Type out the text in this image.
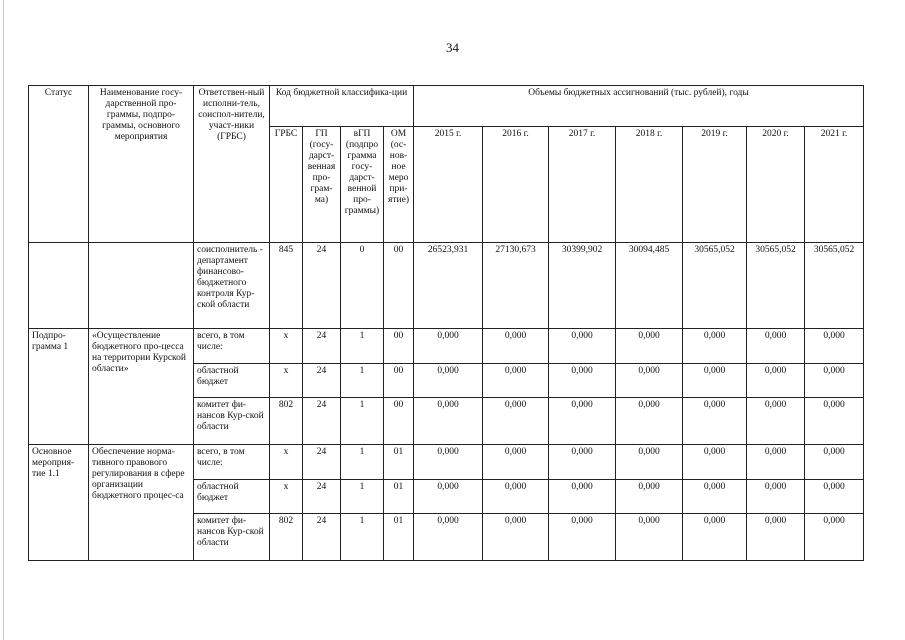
34
Статус	Наименование госу-дарственной про-граммы, подпро-граммы, основного мероприятия	Ответствен-ный исполни-тель, соиспол-нители, участ-ники (ГРБС)	Код бюджетной классифика-ции				Объемы бюджетных ассигнований (тыс. рублей), годы						
			ГРБС	ГП (госу-дарст-венная про-грам-ма)	вГП (подпро грамма госу-дарст-венной про-граммы)	ОМ (ос-нов-ное меро при-ятие)	2015 г.	2016 г.	2017 г.	2018 г.	2019 г.	2020 г.	2021 г.
		соисполнитель - департамент финансово-бюджетного контроля Кур-ской области	845	24	0	00	26523,931	27130,673	30399,902	30094,485	30565,052	30565,052	30565,052
Подпро-грамма 1	«Осуществление бюджетного про-цесса на территории Курской области»	всего, в том числе:	х	24	1	00	0,000	0,000	0,000	0,000	0,000	0,000	0,000
		областной бюджет	х	24	1	00	0,000	0,000	0,000	0,000	0,000	0,000	0,000
		комитет фи-нансов Кур-ской области	802	24	1	00	0,000	0,000	0,000	0,000	0,000	0,000	0,000
Основное мероприя-тие 1.1	Обеспечение норма-тивного правового регулирования в сфере организации бюджетного процес-са	всего, в том числе:	х	24	1	01	0,000	0,000	0,000	0,000	0,000	0,000	0,000
		областной бюджет	х	24	1	01	0,000	0,000	0,000	0,000	0,000	0,000	0,000
		комитет фи-нансов Кур-ской области	802	24	1	01	0,000	0,000	0,000	0,000	0,000	0,000	0,000
